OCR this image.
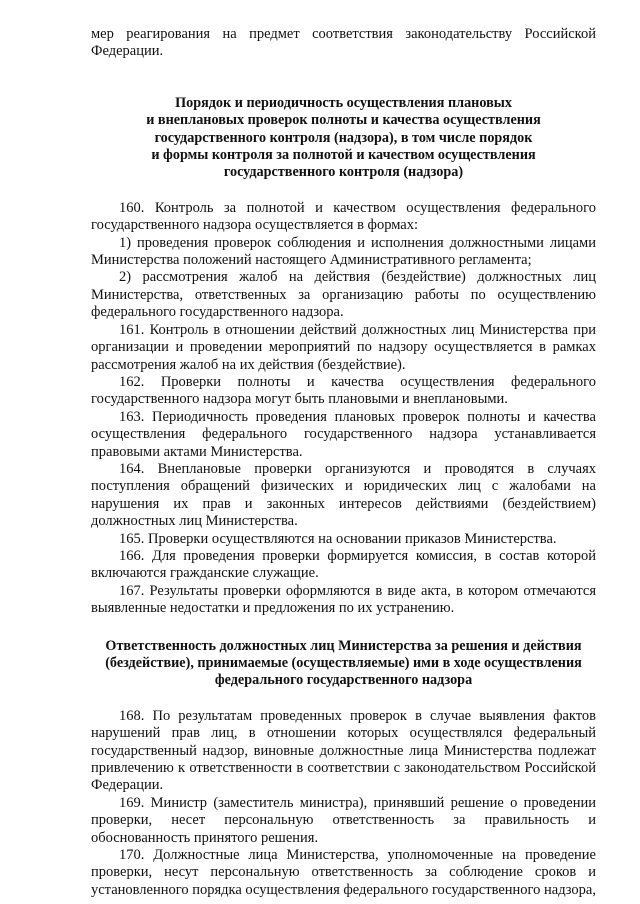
мер реагирования на предмет соответствия законодательству Российской Федерации.

Порядок и периодичность осуществления плановых
и внеплановых проверок полноты и качества осуществления
государственного контроля (надзора), в том числе порядок
и формы контроля за полнотой и качеством осуществления
государственного контроля (надзора)

160. Контроль за полнотой и качеством осуществления федерального государственного надзора осуществляется в формах:

1) проведения проверок соблюдения и исполнения должностными лицами Министерства положений настоящего Административного регламента;

2) рассмотрения жалоб на действия (бездействие) должностных лиц Министерства, ответственных за организацию работы по осуществлению федерального государственного надзора.

161. Контроль в отношении действий должностных лиц Министерства при организации и проведении мероприятий по надзору осуществляется в рамках рассмотрения жалоб на их действия (бездействие).

162. Проверки полноты и качества осуществления федерального государственного надзора могут быть плановыми и внеплановыми.

163. Периодичность проведения плановых проверок полноты и качества осуществления федерального государственного надзора устанавливается правовыми актами Министерства.

164. Внеплановые проверки организуются и проводятся в случаях поступления обращений физических и юридических лиц с жалобами на нарушения их прав и законных интересов действиями (бездействием) должностных лиц Министерства.

165. Проверки осуществляются на основании приказов Министерства.

166. Для проведения проверки формируется комиссия, в состав которой включаются гражданские служащие.

167. Результаты проверки оформляются в виде акта, в котором отмечаются выявленные недостатки и предложения по их устранению.

Ответственность должностных лиц Министерства за решения и действия
(бездействие), принимаемые (осуществляемые) ими в ходе осуществления
федерального государственного надзора

168. По результатам проведенных проверок в случае выявления фактов нарушений прав лиц, в отношении которых осуществлялся федеральный государственный надзор, виновные должностные лица Министерства подлежат привлечению к ответственности в соответствии с законодательством Российской Федерации.

169. Министр (заместитель министра), принявший решение о проведении проверки, несет персональную ответственность за правильность и обоснованность принятого решения.

170. Должностные лица Министерства, уполномоченные на проведение проверки, несут персональную ответственность за соблюдение сроков и установленного порядка осуществления федерального государственного надзора,
